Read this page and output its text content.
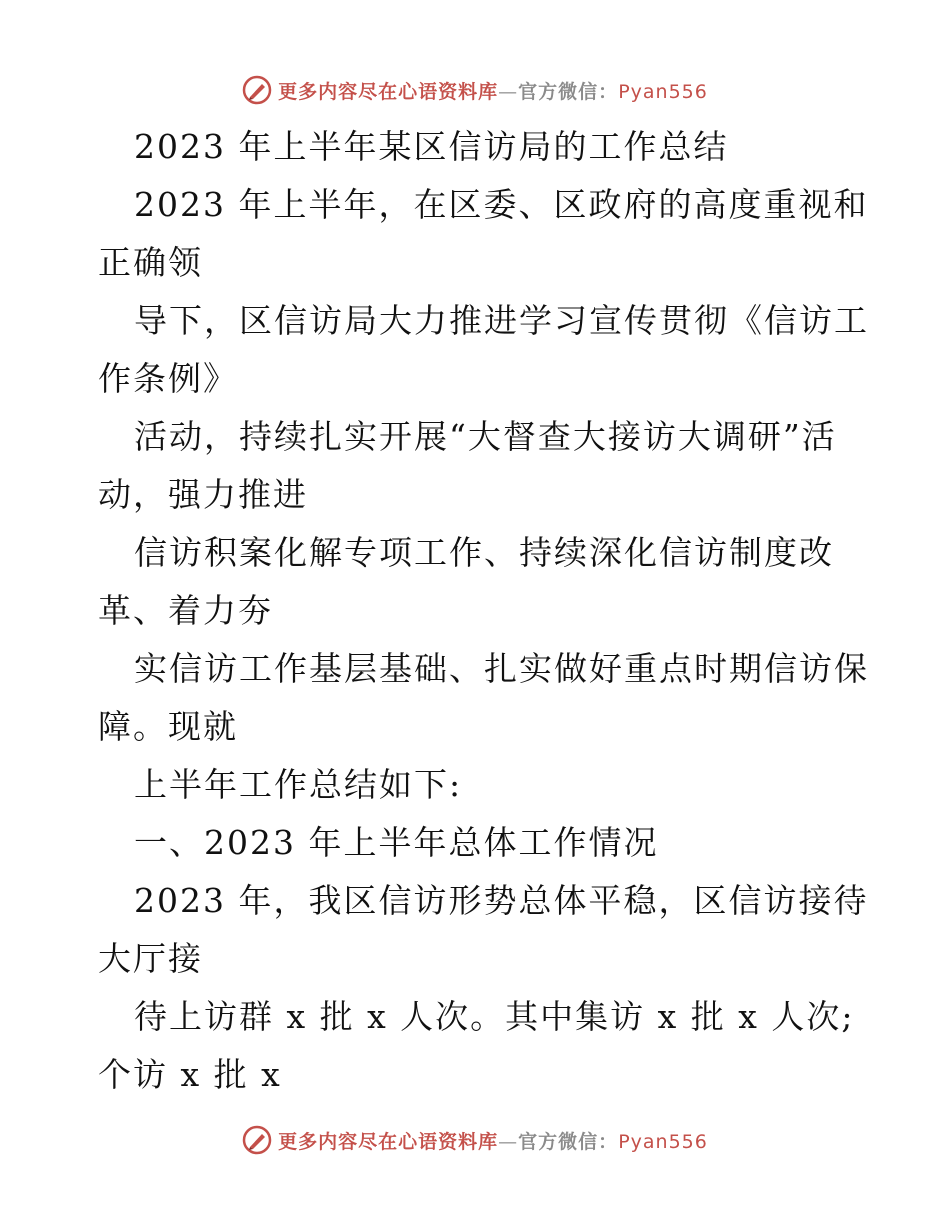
更多内容尽在心语资料库—官方微信：Pyan556
2023 年上半年某区信访局的工作总结
2023 年上半年，在区委、区政府的高度重视和
正确领
导下，区信访局大力推进学习宣传贯彻《信访工
作条例》
活动，持续扎实开展“大督查大接访大调研”活
动，强力推进
信访积案化解专项工作、持续深化信访制度改
革、着力夯
实信访工作基层基础、扎实做好重点时期信访保
障。现就
上半年工作总结如下:
一、2023 年上半年总体工作情况
2023 年，我区信访形势总体平稳，区信访接待
大厅接
待上访群 x 批 x 人次。其中集访 x 批 x 人次;
个访 x 批 x
更多内容尽在心语资料库—官方微信：Pyan556
